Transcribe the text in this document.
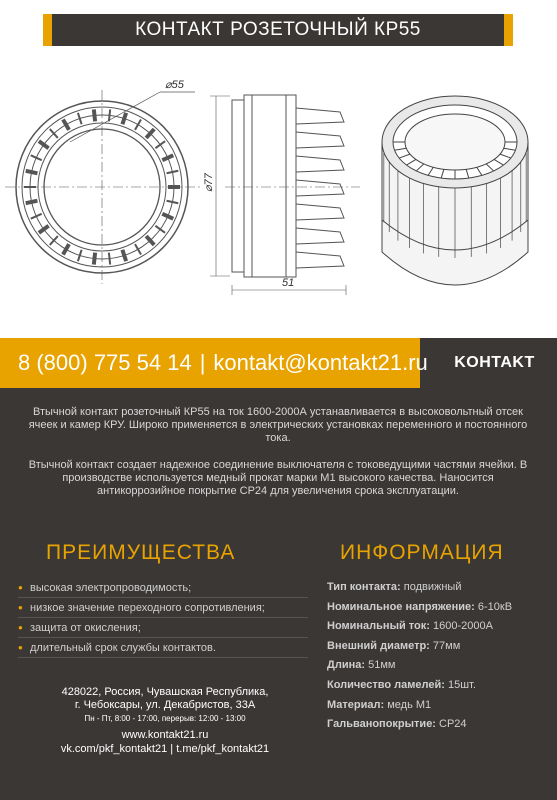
КОНТАКТ РОЗЕТОЧНЫЙ КР55
⌀55
⌀77
51
8 (800) 775 54 14 | kontakt@kontakt21.ru	KOHTAKT

Втычной контакт розеточный КР55 на ток 1600-2000А устанавливается в высоковольтный отсек ячеек и камер КРУ. Широко применяется в электрических установках переменного и постоянного тока.

Втычной контакт создает надежное соединение выключателя с токоведущими частями ячейки. В производстве используется медный прокат марки М1 высокого качества. Наносится антикоррозийное покрытие СР24 для увеличения срока эксплуатации.

ПРЕИМУЩЕСТВА	ИНФОРМАЦИЯ
● высокая электропроводимость;
● низкое значение переходного сопротивления;
● защита от окисления;
● длительный срок службы контактов.
Тип контакта: подвижный
Номинальное напряжение: 6-10кВ
Номинальный ток: 1600-2000А
Внешний диаметр: 77мм
Длина: 51мм
Количество ламелей: 15шт.
Материал: медь М1
Гальванопокрытие: СР24
428022, Россия, Чувашская Республика,
г. Чебоксары, ул. Декабристов, 33А
Пн - Пт, 8:00 - 17:00, перерыв: 12:00 - 13:00
www.kontakt21.ru
vk.com/pkf_kontakt21 | t.me/pkf_kontakt21
